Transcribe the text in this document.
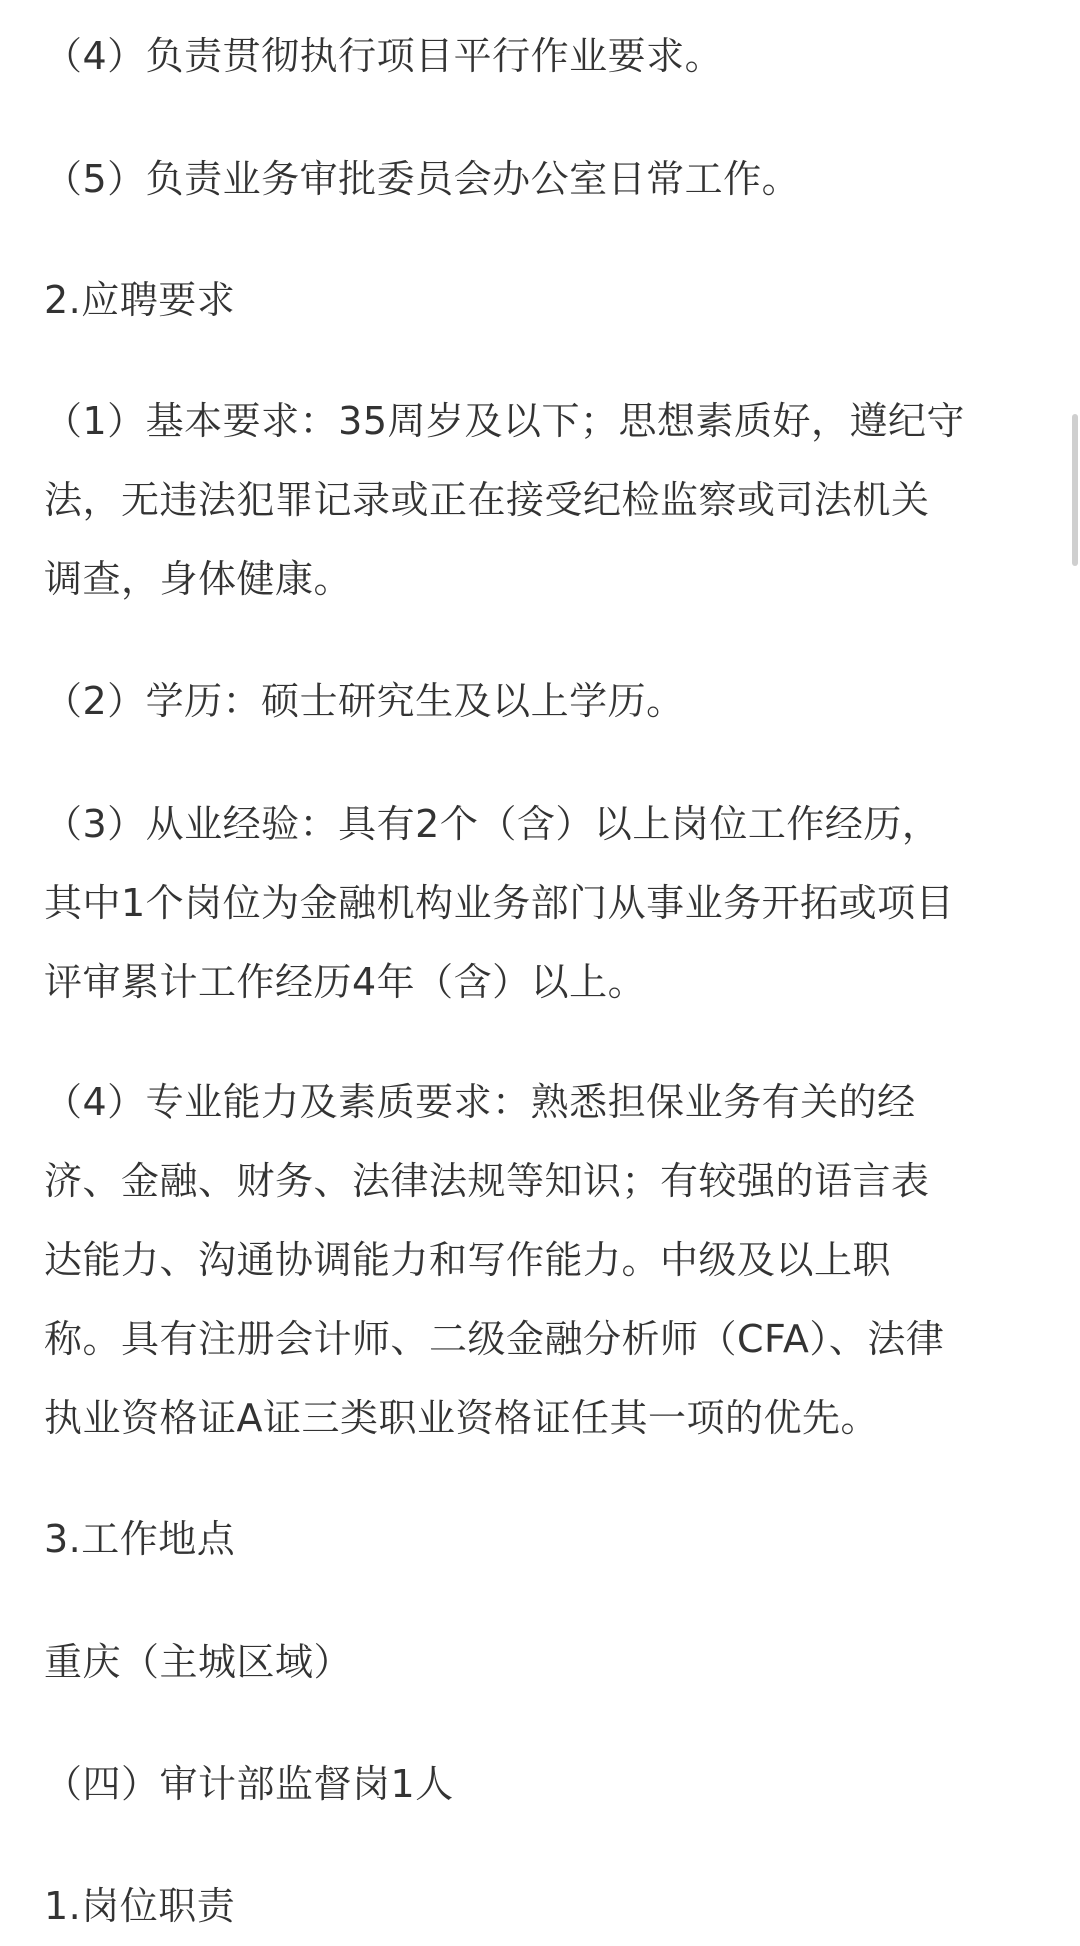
（4）负责贯彻执行项目平行作业要求。
（5）负责业务审批委员会办公室日常工作。
2.应聘要求
（1）基本要求：35周岁及以下；思想素质好，遵纪守
法，无违法犯罪记录或正在接受纪检监察或司法机关
调查，身体健康。
（2）学历：硕士研究生及以上学历。
（3）从业经验：具有2个（含）以上岗位工作经历，
其中1个岗位为金融机构业务部门从事业务开拓或项目
评审累计工作经历4年（含）以上。
（4）专业能力及素质要求：熟悉担保业务有关的经
济、金融、财务、法律法规等知识；有较强的语言表
达能力、沟通协调能力和写作能力。中级及以上职
称。具有注册会计师、二级金融分析师（CFA）、法律
执业资格证A证三类职业资格证任其一项的优先。
3.工作地点
重庆（主城区域）
（四）审计部监督岗1人
1.岗位职责
